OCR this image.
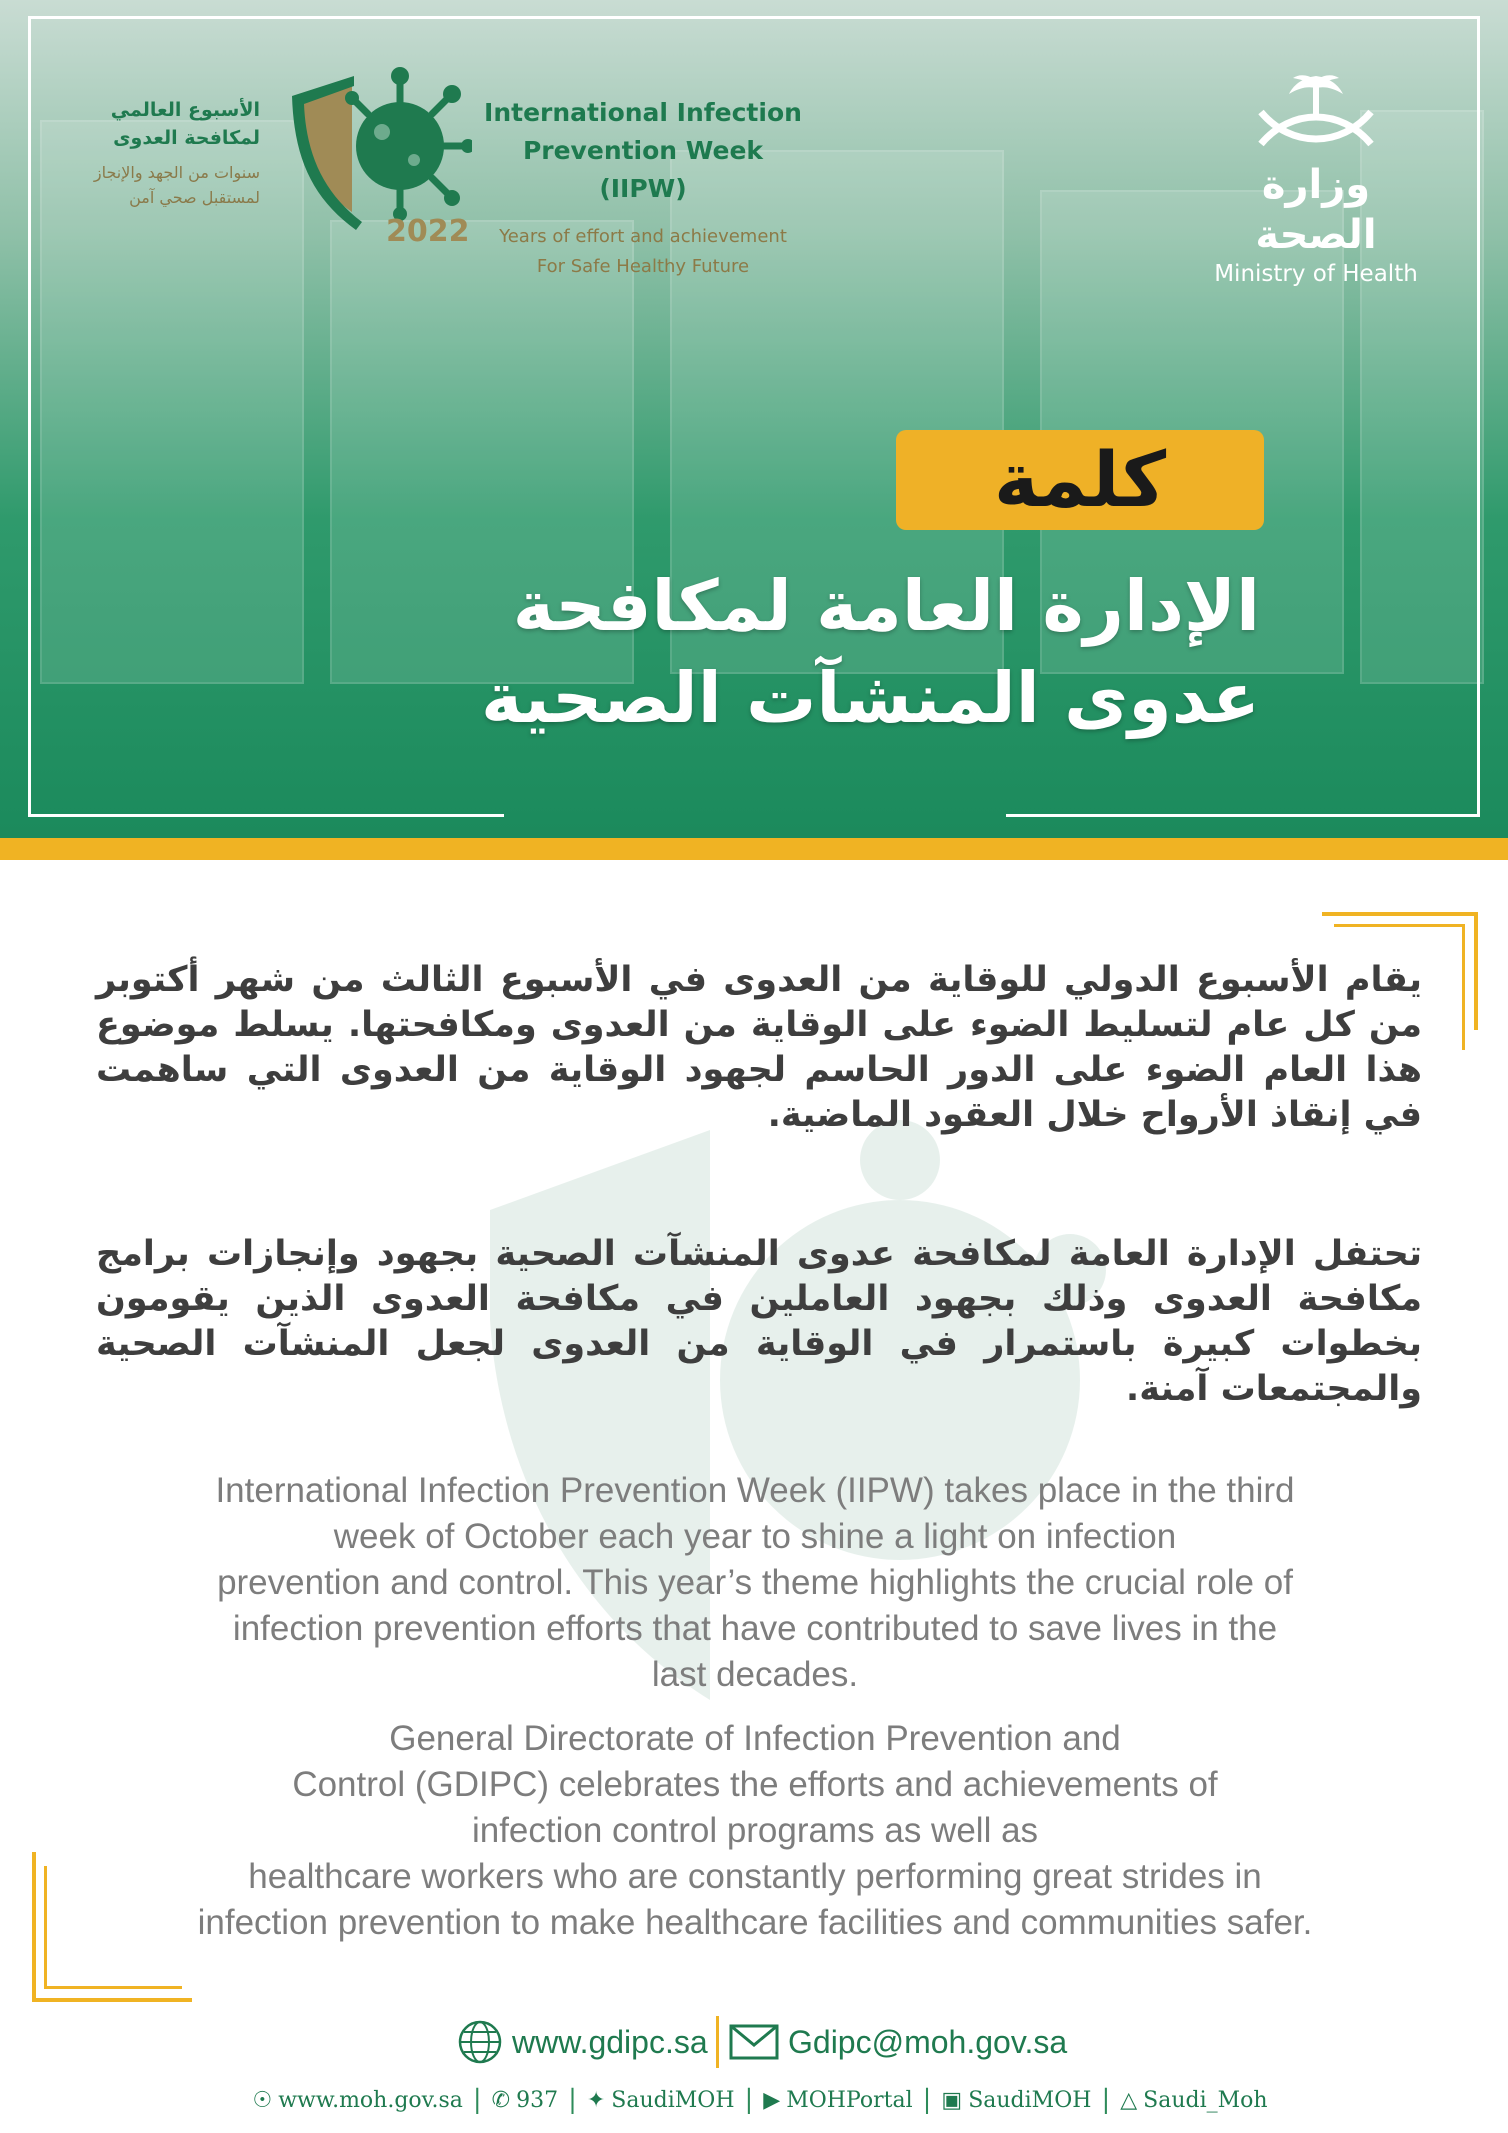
الأسبوع العالمي
لمكافحة العدوى
سنوات من الجهد والإنجاز
لمستقبل صحي آمن
2022
International Infection
Prevention Week (IIPW)
Years of effort and achievement
For Safe Healthy Future
وزارة الصحة
Ministry of Health
كلمة
الإدارة العامة لمكافحة
عدوى المنشآت الصحية

يقام الأسبوع الدولي للوقاية من العدوى في الأسبوع الثالث من شهر أكتوبر من كل عام لتسليط الضوء على الوقاية من العدوى ومكافحتها. يسلط موضوع هذا العام الضوء على الدور الحاسم لجهود الوقاية من العدوى التي ساهمت في إنقاذ الأرواح خلال العقود الماضية.

تحتفل الإدارة العامة لمكافحة عدوى المنشآت الصحية بجهود وإنجازات برامج مكافحة العدوى وذلك بجهود العاملين في مكافحة العدوى الذين يقومون بخطوات كبيرة باستمرار في الوقاية من العدوى لجعل المنشآت الصحية والمجتمعات آمنة.

International Infection Prevention Week (IIPW) takes place in the third
week of October each year to shine a light on infection
prevention and control. This year’s theme highlights the crucial role of
infection prevention efforts that have contributed to save lives in the
last decades.
General Directorate of Infection Prevention and
Control (GDIPC) celebrates the efforts and achievements of
infection control programs as well as
healthcare workers who are constantly performing great strides in
infection prevention to make healthcare facilities and communities safer.
www.gdipc.sa	Gdipc@moh.gov.sa
☉ www.moh.gov.sa | ✆ 937 | ✦ SaudiMOH | ▶ MOHPortal | ▣ SaudiMOH | △ Saudi_Moh
